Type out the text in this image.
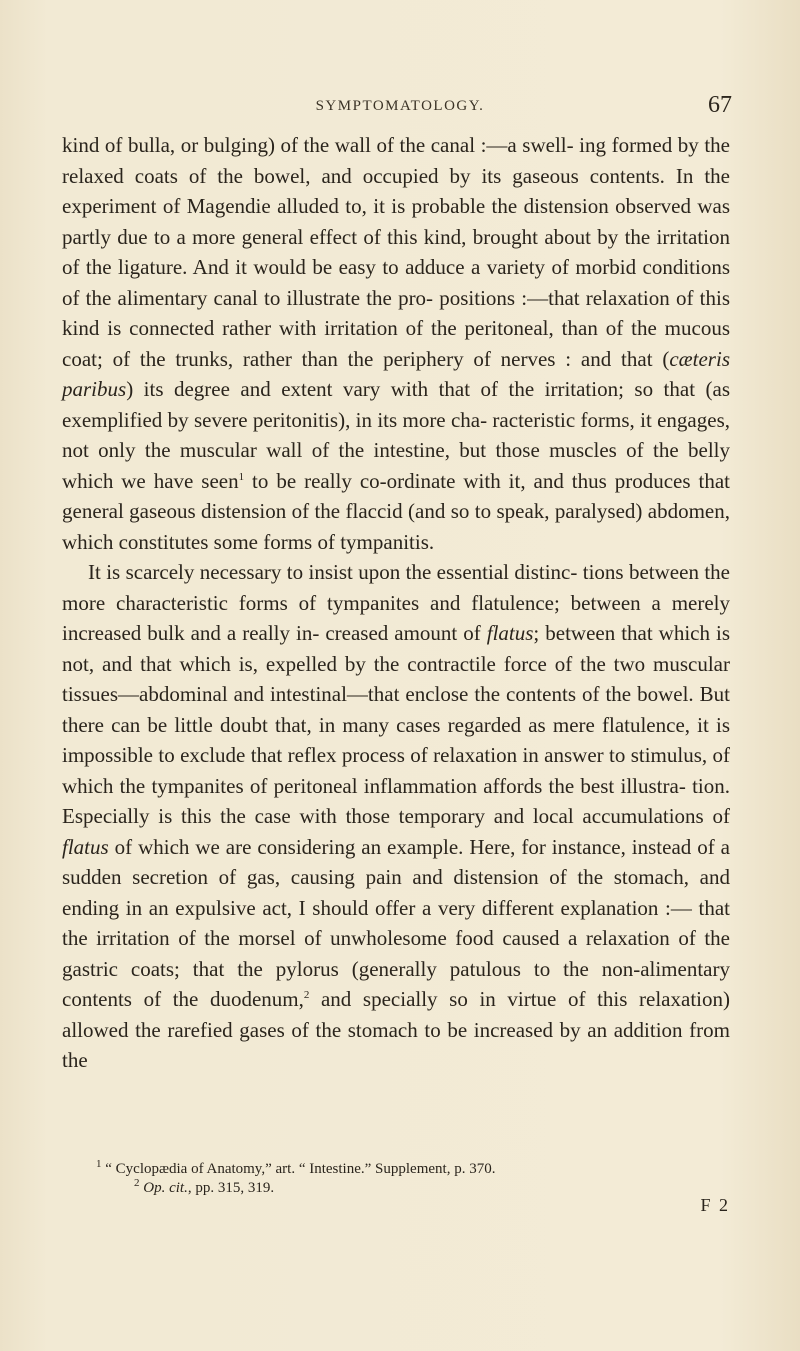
SYMPTOMATOLOGY.	67

kind of bulla, or bulging) of the wall of the canal :—a swell- ing formed by the relaxed coats of the bowel, and occupied by its gaseous contents. In the experiment of Magendie alluded to, it is probable the distension observed was partly due to a more general effect of this kind, brought about by the irritation of the ligature. And it would be easy to adduce a variety of morbid conditions of the alimentary canal to illustrate the pro- positions :—that relaxation of this kind is connected rather with irritation of the peritoneal, than of the mucous coat; of the trunks, rather than the periphery of nerves : and that (cæteris paribus) its degree and extent vary with that of the irritation; so that (as exemplified by severe peritonitis), in its more cha- racteristic forms, it engages, not only the muscular wall of the intestine, but those muscles of the belly which we have seen$^1$ to be really co-ordinate with it, and thus produces that general gaseous distension of the flaccid (and so to speak, paralysed) abdomen, which constitutes some forms of tympanitis.

It is scarcely necessary to insist upon the essential distinc- tions between the more characteristic forms of tympanites and flatulence; between a merely increased bulk and a really in- creased amount of flatus; between that which is not, and that which is, expelled by the contractile force of the two muscular tissues—abdominal and intestinal—that enclose the contents of the bowel. But there can be little doubt that, in many cases regarded as mere flatulence, it is impossible to exclude that reflex process of relaxation in answer to stimulus, of which the tympanites of peritoneal inflammation affords the best illustra- tion. Especially is this the case with those temporary and local accumulations of flatus of which we are considering an example. Here, for instance, instead of a sudden secretion of gas, causing pain and distension of the stomach, and ending in an expulsive act, I should offer a very different explanation :— that the irritation of the morsel of unwholesome food caused a relaxation of the gastric coats; that the pylorus (generally patulous to the non-alimentary contents of the duodenum,$^2$ and specially so in virtue of this relaxation) allowed the rarefied gases of the stomach to be increased by an addition from the

$^1$ “ Cyclopædia of Anatomy,” art. “ Intestine.” Supplement, p. 370.
$^2$ Op. cit., pp. 315, 319.
F 2
